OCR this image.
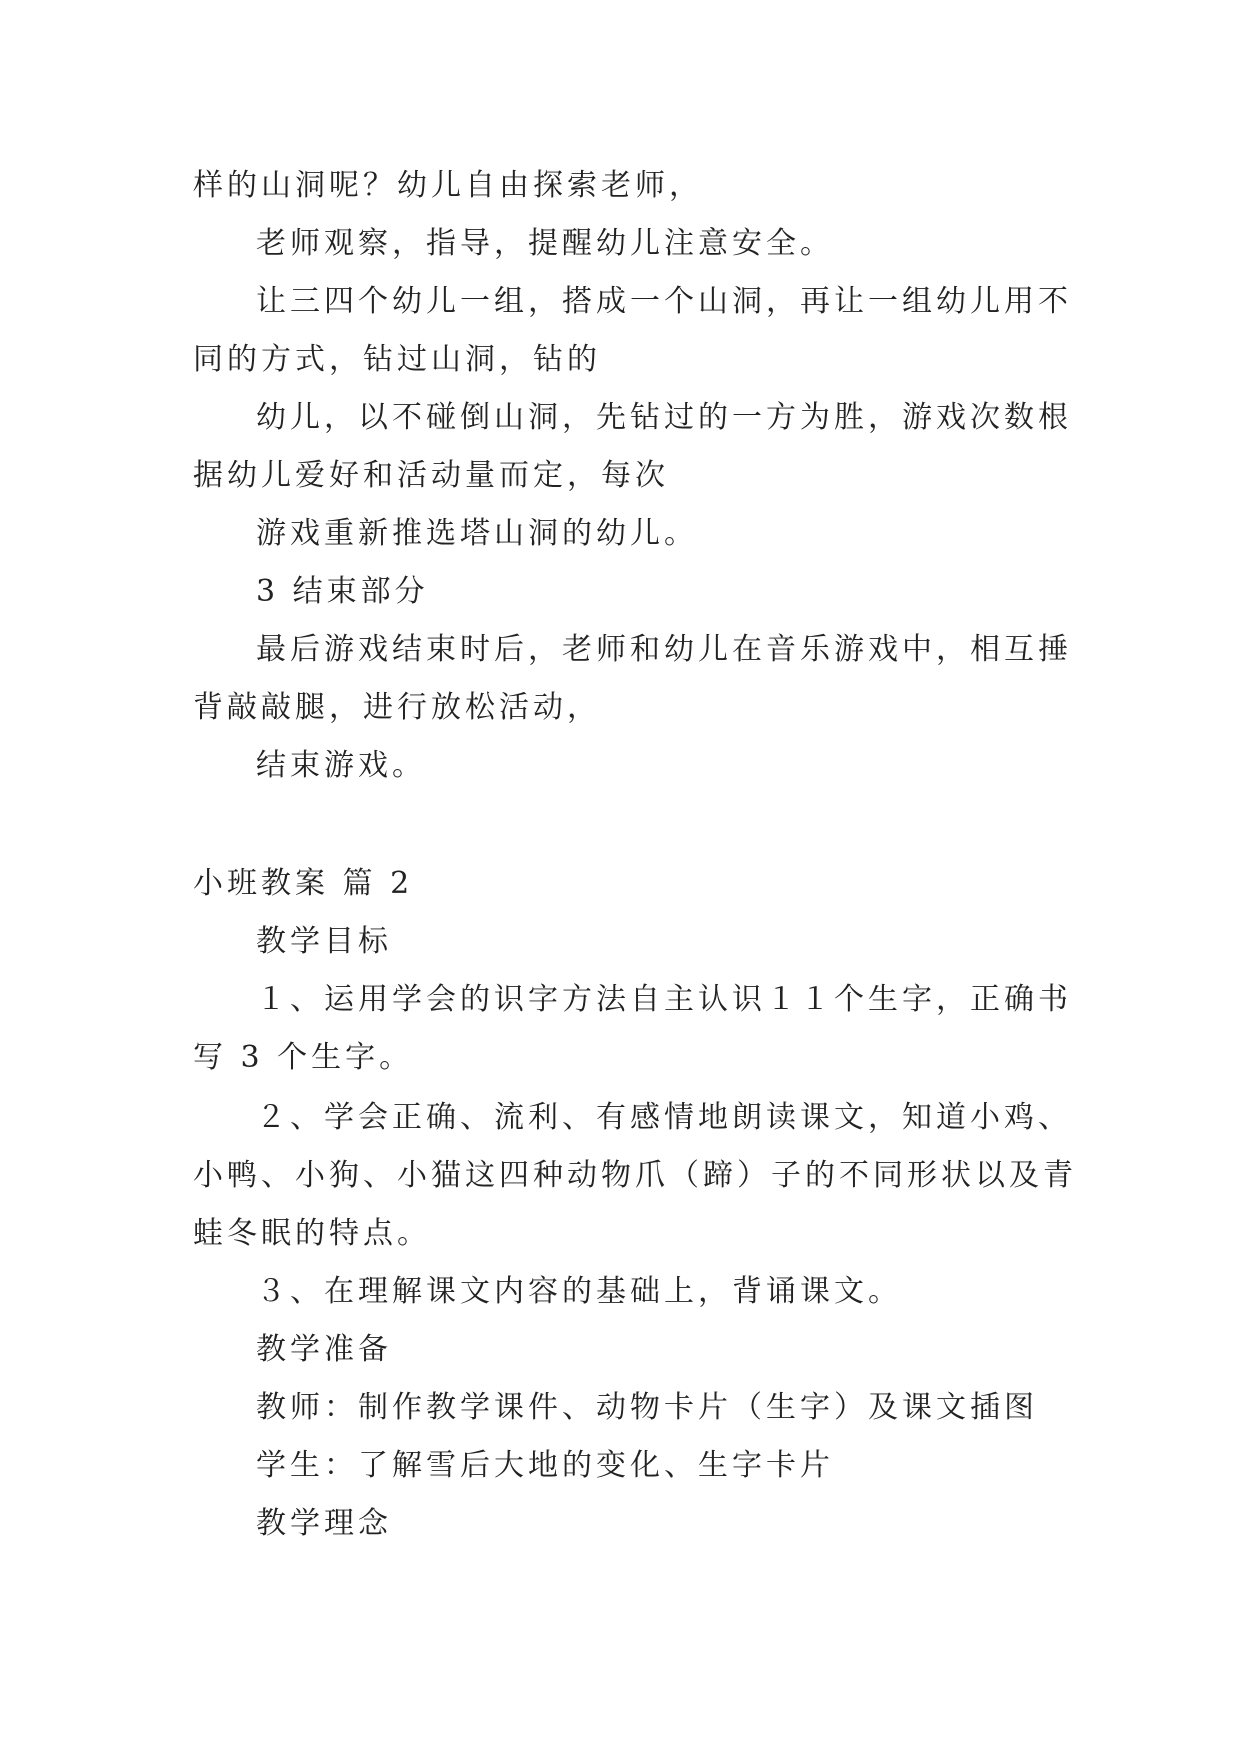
样的山洞呢？幼儿自由探索老师，
老师观察，指导，提醒幼儿注意安全。
让三四个幼儿一组，搭成一个山洞，再让一组幼儿用不
同的方式，钻过山洞，钻的
幼儿，以不碰倒山洞，先钻过的一方为胜，游戏次数根
据幼儿爱好和活动量而定，每次
游戏重新推选塔山洞的幼儿。
3 结束部分
最后游戏结束时后，老师和幼儿在音乐游戏中，相互捶
背敲敲腿，进行放松活动，
结束游戏。
小班教案 篇 2
教学目标
１、运用学会的识字方法自主认识１１个生字，正确书
写 3 个生字。
２、学会正确、流利、有感情地朗读课文，知道小鸡、
小鸭、小狗、小猫这四种动物爪（蹄）子的不同形状以及青
蛙冬眠的特点。
３、在理解课文内容的基础上，背诵课文。
教学准备
教师：制作教学课件、动物卡片（生字）及课文插图
学生：了解雪后大地的变化、生字卡片
教学理念
